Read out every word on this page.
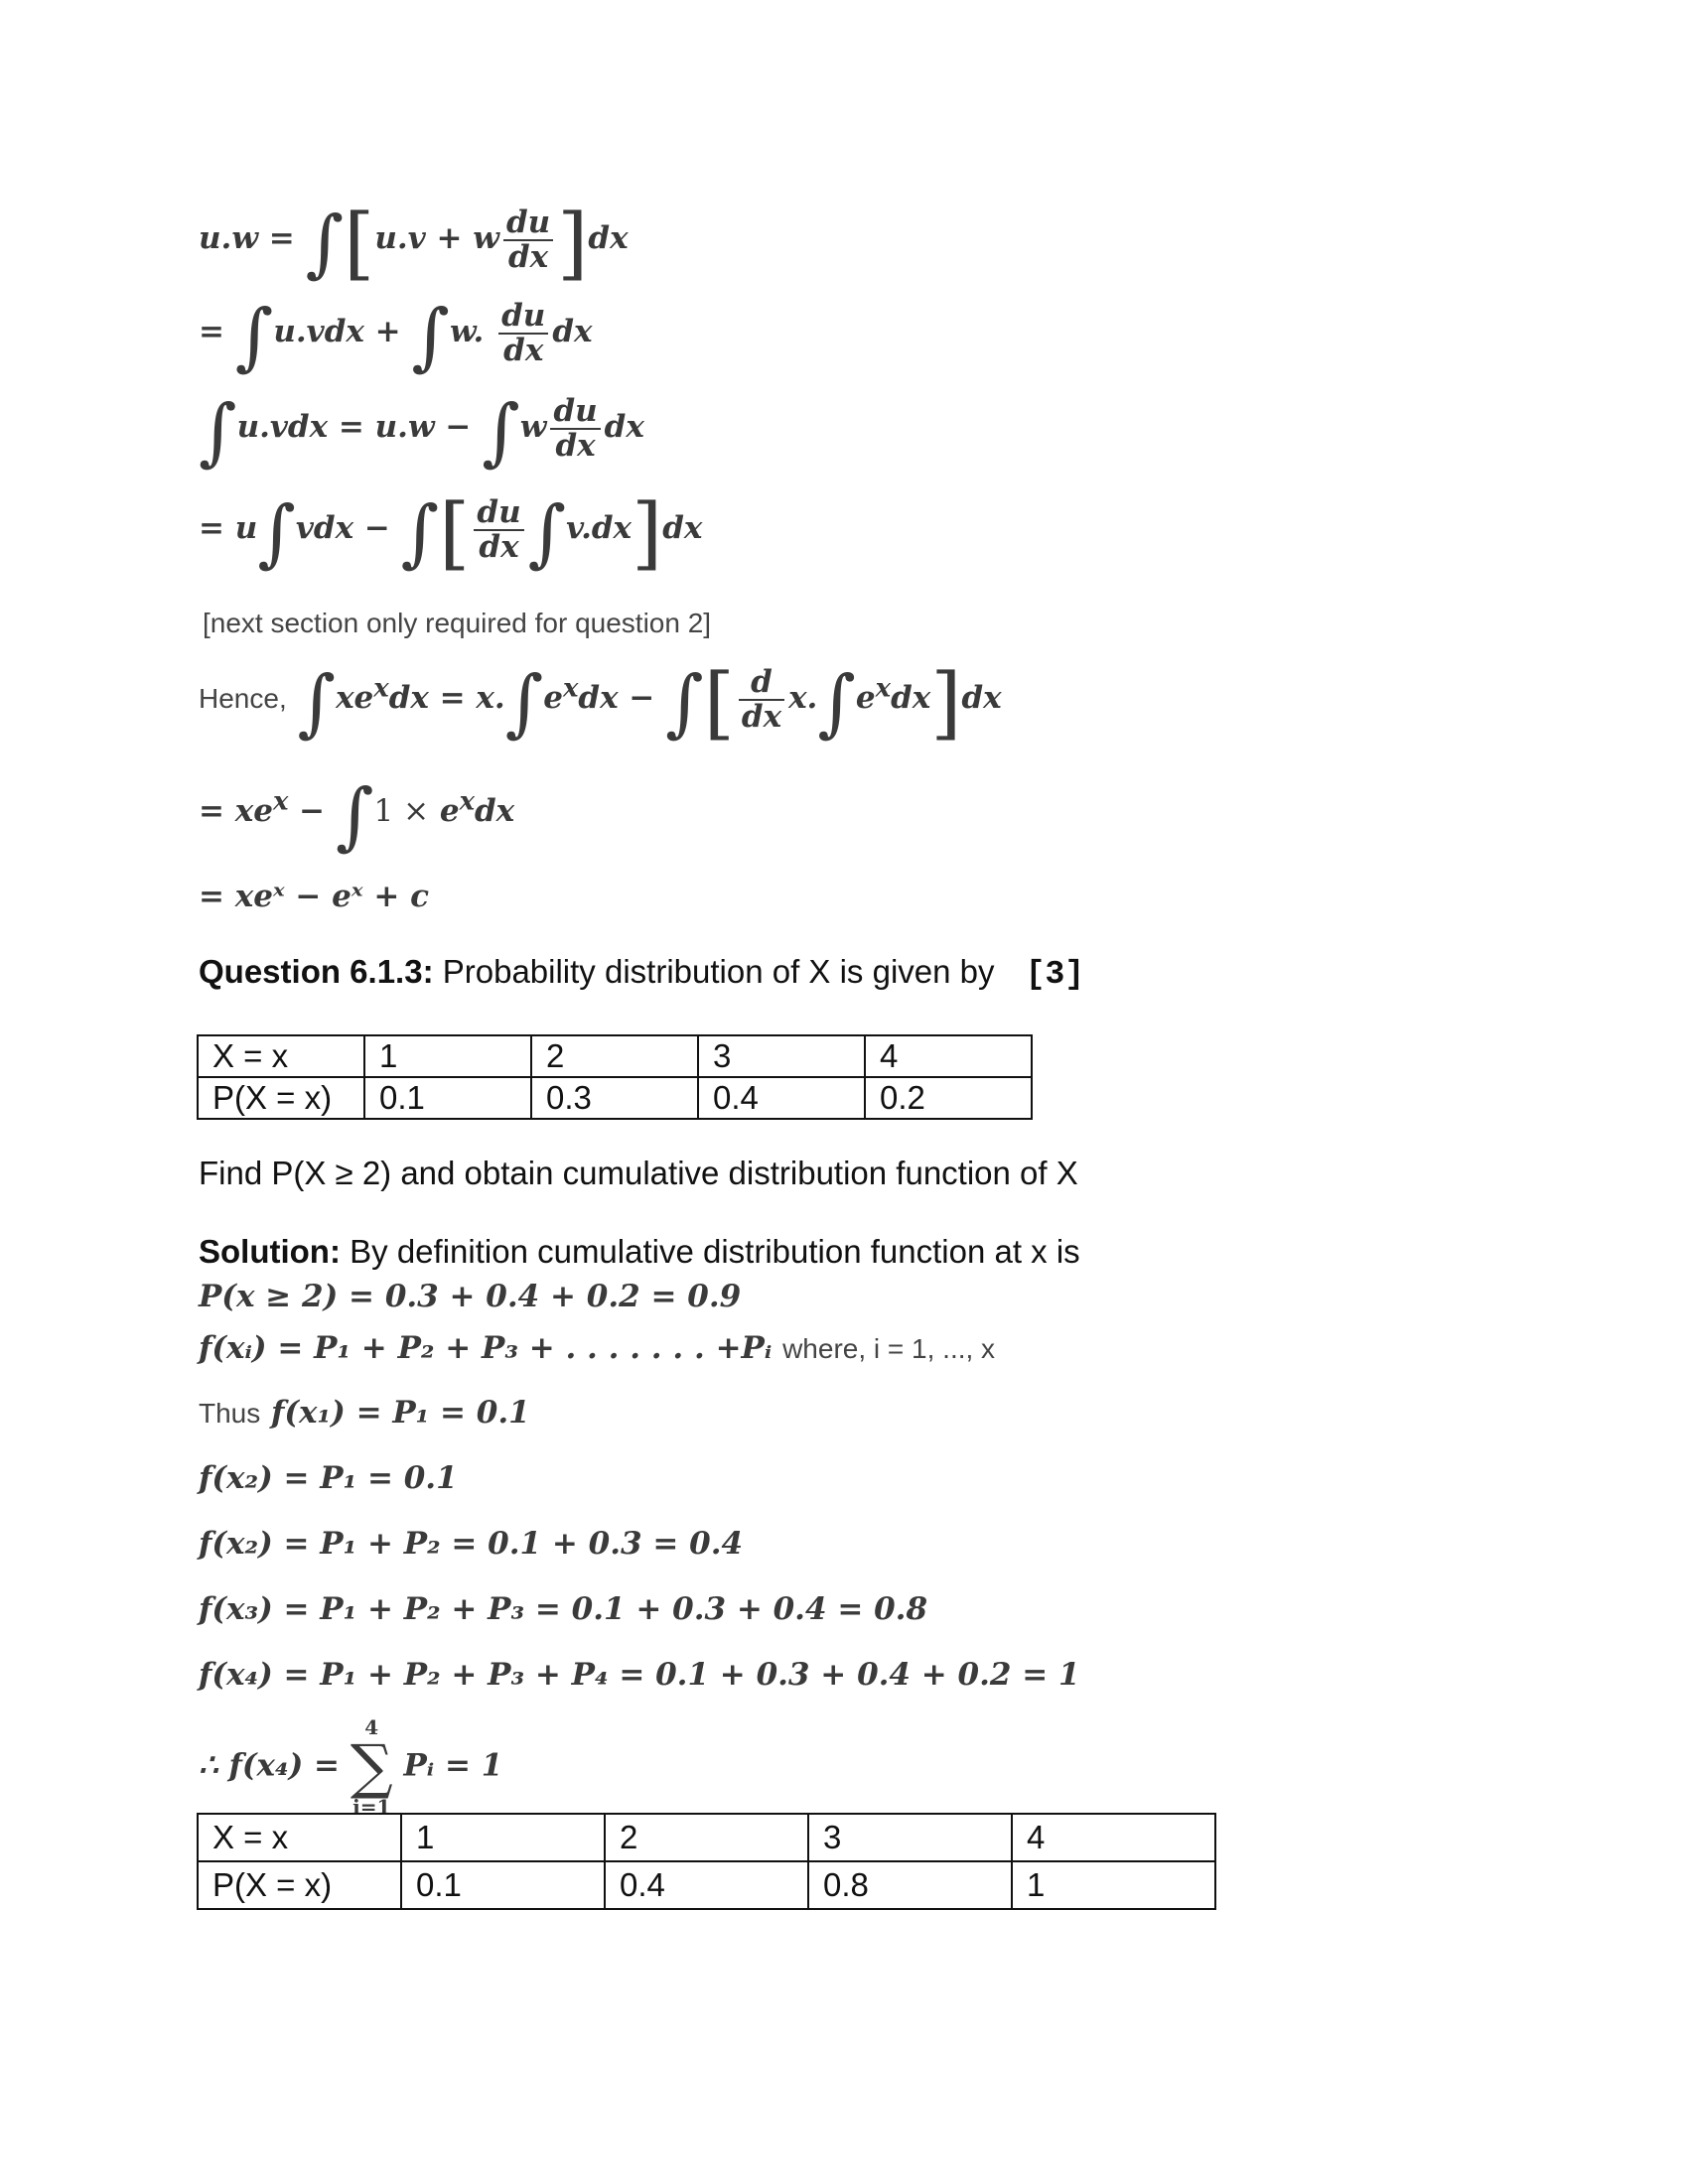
u.w = ∫[u.v + w $\frac{du}{dx} ]dx$
= ∫u.vdx + ∫w. $\frac{du}{dx}$ dx
$\int u.vdx = u.w - \int w \frac{du}{dx}$ dx
= u∫vdx − ∫[ $\frac{du}{dx} \int v.dx]dx$
[next section only required for question 2]
Hence, $\int xe^xdx = x.\int e^xdx$ − ∫[ $\frac{d}{dx} x.\int e^xdx]dx$
= $xe^x - \int 1 \times e^xdx$
= xeˣ − eˣ + c
Question 6.1.3: Probability distribution of X is given by [3]
X = x	1	2	3	4
P(X = x)	0.1	0.3	0.4	0.2
Find P(X ≥ 2) and obtain cumulative distribution function of X
Solution: By definition cumulative distribution function at x is
P(x ≥ 2) = 0.3 + 0.4 + 0.2 = 0.9
f(xᵢ) = P₁ + P₂ + P₃ + . . . . . . . +Pᵢ where, i = 1, ..., x
Thus f(x₁) = P₁ = 0.1
f(x₂) = P₁ = 0.1
f(x₂) = P₁ + P₂ = 0.1 + 0.3 = 0.4
f(x₃) = P₁ + P₂ + P₃ = 0.1 + 0.3 + 0.4 = 0.8
f(x₄) = P₁ + P₂ + P₃ + P₄ = 0.1 + 0.3 + 0.4 + 0.2 = 1
∴ f(x₄) =
4
∑
i=1
Pᵢ = 1
X = x	1	2	3	4
P(X = x)	0.1	0.4	0.8	1
